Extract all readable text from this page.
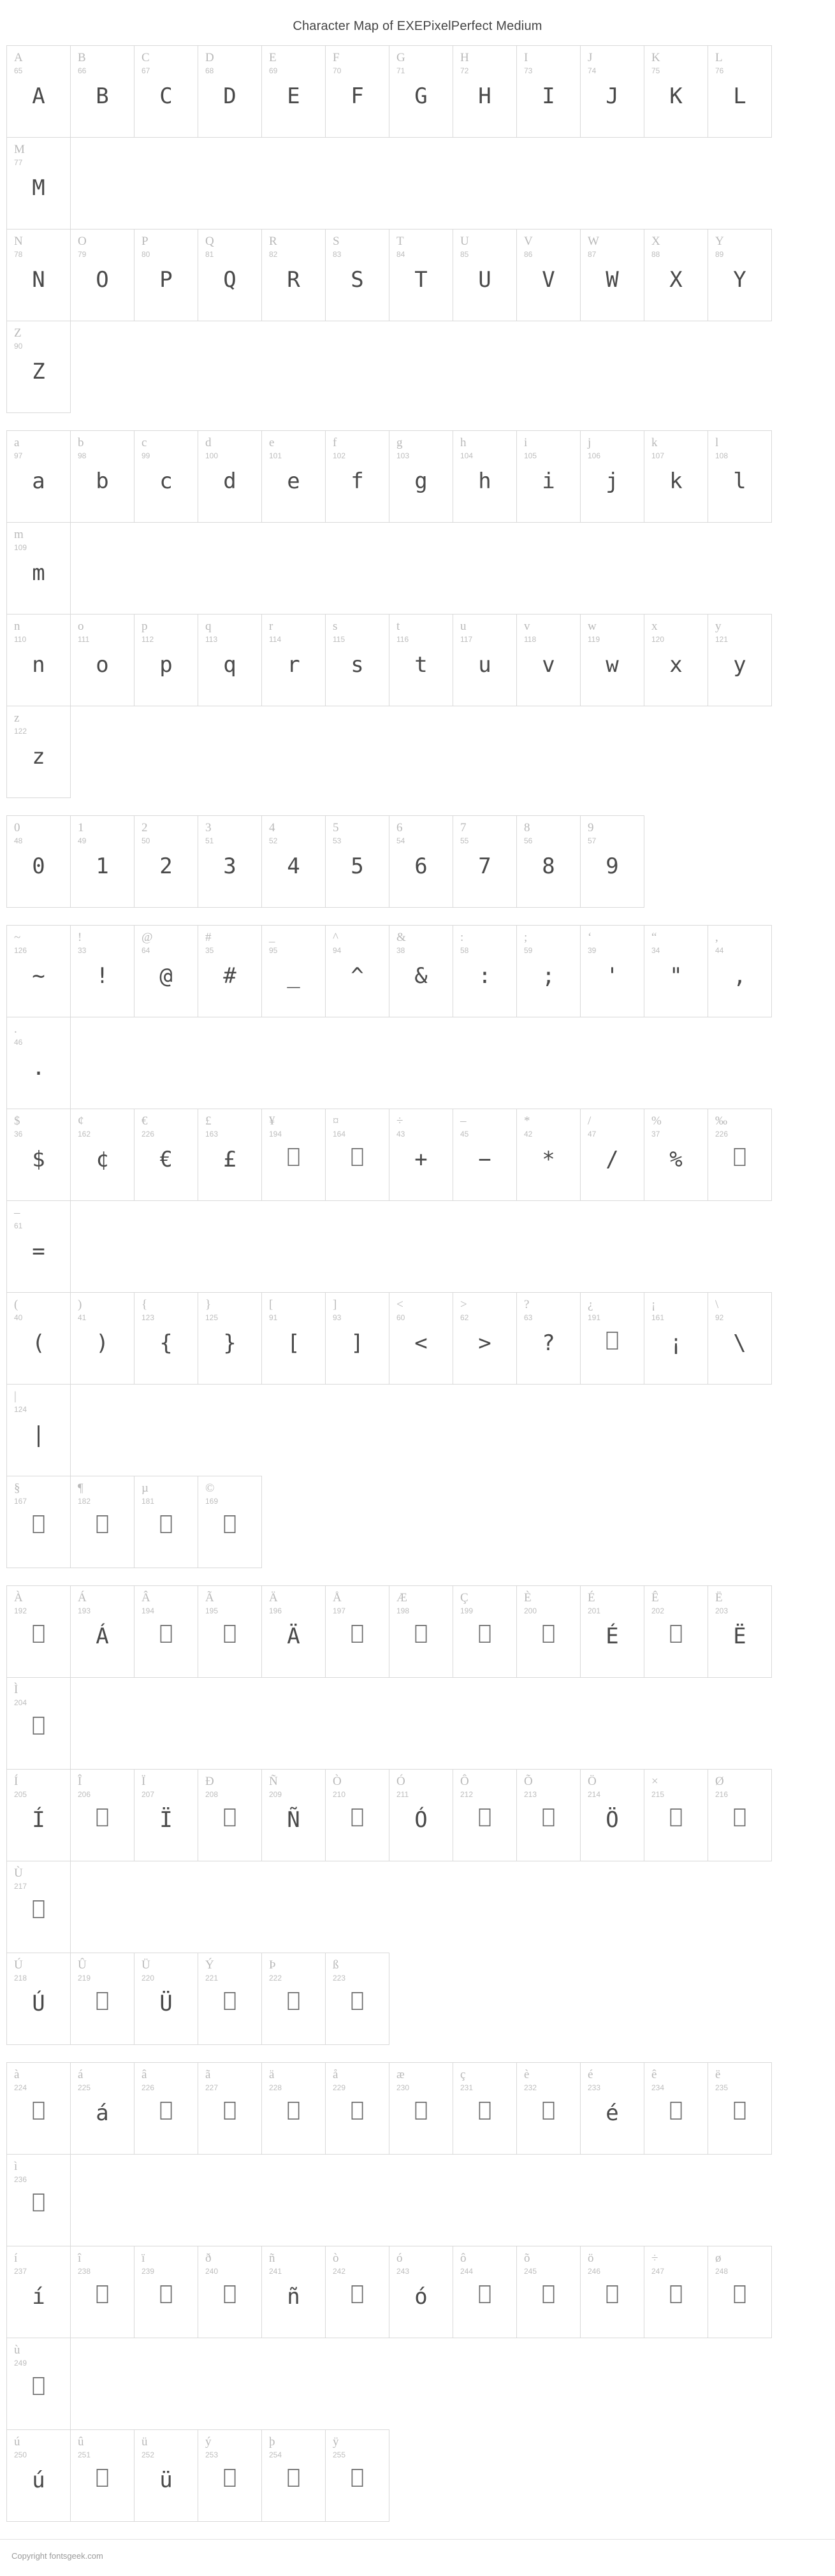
Character Map of EXEPixelPerfect Medium
A
65
A
B
66
B
C
67
C
D
68
D
E
69
E
F
70
F
G
71
G
H
72
H
I
73
I
J
74
J
K
75
K
L
76
L
M
77
M
N
78
N
O
79
O
P
80
P
Q
81
Q
R
82
R
S
83
S
T
84
T
U
85
U
V
86
V
W
87
W
X
88
X
Y
89
Y
Z
90
Z
a
97
a
b
98
b
c
99
c
d
100
d
e
101
e
f
102
f
g
103
g
h
104
h
i
105
i
j
106
j
k
107
k
l
108
l
m
109
m
n
110
n
o
111
o
p
112
p
q
113
q
r
114
r
s
115
s
t
116
t
u
117
u
v
118
v
w
119
w
x
120
x
y
121
y
z
122
z
0
48
0
1
49
1
2
50
2
3
51
3
4
52
4
5
53
5
6
54
6
7
55
7
8
56
8
9
57
9
~
126
~
!
33
!
@
64
@
#
35
#
_
95
_
^
94
^
&
38
&
:
58
:
;
59
;
‘
39
'
“
34
"
,
44
,
.
46
.
$
36
$
¢
162
¢
€
226
€
£
163
£
¥
194
⎕
¤
164
⎕
÷
43
+
–
45
−
*
42
*
/
47
/
%
37
%
‰
226
⎕
–
61
=
(
40
(
)
41
)
{
123
{
}
125
}
[
91
[
]
93
]
<
60
<
>
62
>
?
63
?
¿
191
⎕
¡
161
¡
\
92
\
|
124
|
§
167
⎕
¶
182
⎕
µ
181
⎕
©
169
⎕
À
192
⎕
Á
193
Á
Â
194
⎕
Ã
195
⎕
Ä
196
Ä
Å
197
⎕
Æ
198
⎕
Ç
199
⎕
È
200
⎕
É
201
É
Ê
202
⎕
Ë
203
Ë
Ì
204
⎕
Í
205
Í
Î
206
⎕
Ï
207
Ï
Ð
208
⎕
Ñ
209
Ñ
Ò
210
⎕
Ó
211
Ó
Ô
212
⎕
Õ
213
⎕
Ö
214
Ö
×
215
⎕
Ø
216
⎕
Ù
217
⎕
Ú
218
Ú
Û
219
⎕
Ü
220
Ü
Ý
221
⎕
Þ
222
⎕
ß
223
⎕
à
224
⎕
á
225
á
â
226
⎕
ã
227
⎕
ä
228
⎕
å
229
⎕
æ
230
⎕
ç
231
⎕
è
232
⎕
é
233
é
ê
234
⎕
ë
235
⎕
ì
236
⎕
í
237
í
î
238
⎕
ï
239
⎕
ð
240
⎕
ñ
241
ñ
ò
242
⎕
ó
243
ó
ô
244
⎕
õ
245
⎕
ö
246
⎕
÷
247
⎕
ø
248
⎕
ù
249
⎕
ú
250
ú
û
251
⎕
ü
252
ü
ý
253
⎕
þ
254
⎕
ÿ
255
⎕
Copyright fontsgeek.com
